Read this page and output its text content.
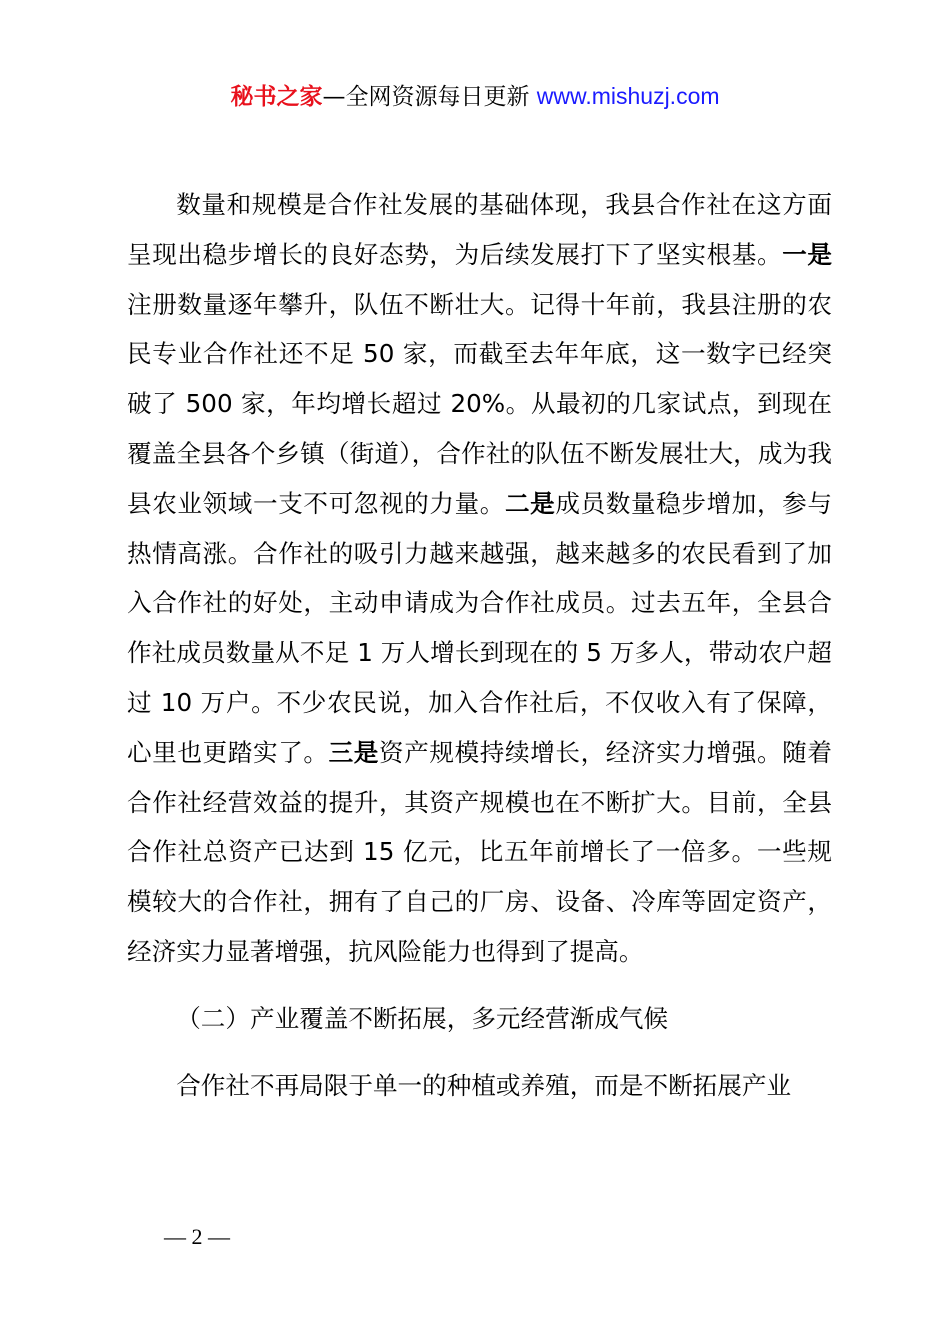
秘书之家—全网资源每日更新 www.mishuzj.com

数量和规模是合作社发展的基础体现，我县合作社在这方面呈现出稳步增长的良好态势，为后续发展打下了坚实根基。一是注册数量逐年攀升，队伍不断壮大。记得十年前，我县注册的农民专业合作社还不足 50 家，而截至去年年底，这一数字已经突破了 500 家，年均增长超过 20%。从最初的几家试点，到现在覆盖全县各个乡镇（街道），合作社的队伍不断发展壮大，成为我县农业领域一支不可忽视的力量。二是成员数量稳步增加，参与热情高涨。合作社的吸引力越来越强，越来越多的农民看到了加入合作社的好处，主动申请成为合作社成员。过去五年，全县合作社成员数量从不足 1 万人增长到现在的 5 万多人，带动农户超过 10 万户。不少农民说，加入合作社后，不仅收入有了保障，心里也更踏实了。三是资产规模持续增长，经济实力增强。随着合作社经营效益的提升，其资产规模也在不断扩大。目前，全县合作社总资产已达到 15 亿元，比五年前增长了一倍多。一些规模较大的合作社，拥有了自己的厂房、设备、冷库等固定资产，经济实力显著增强，抗风险能力也得到了提高。

（二）产业覆盖不断拓展，多元经营渐成气候

合作社不再局限于单一的种植或养殖，而是不断拓展产业

— 2 —
